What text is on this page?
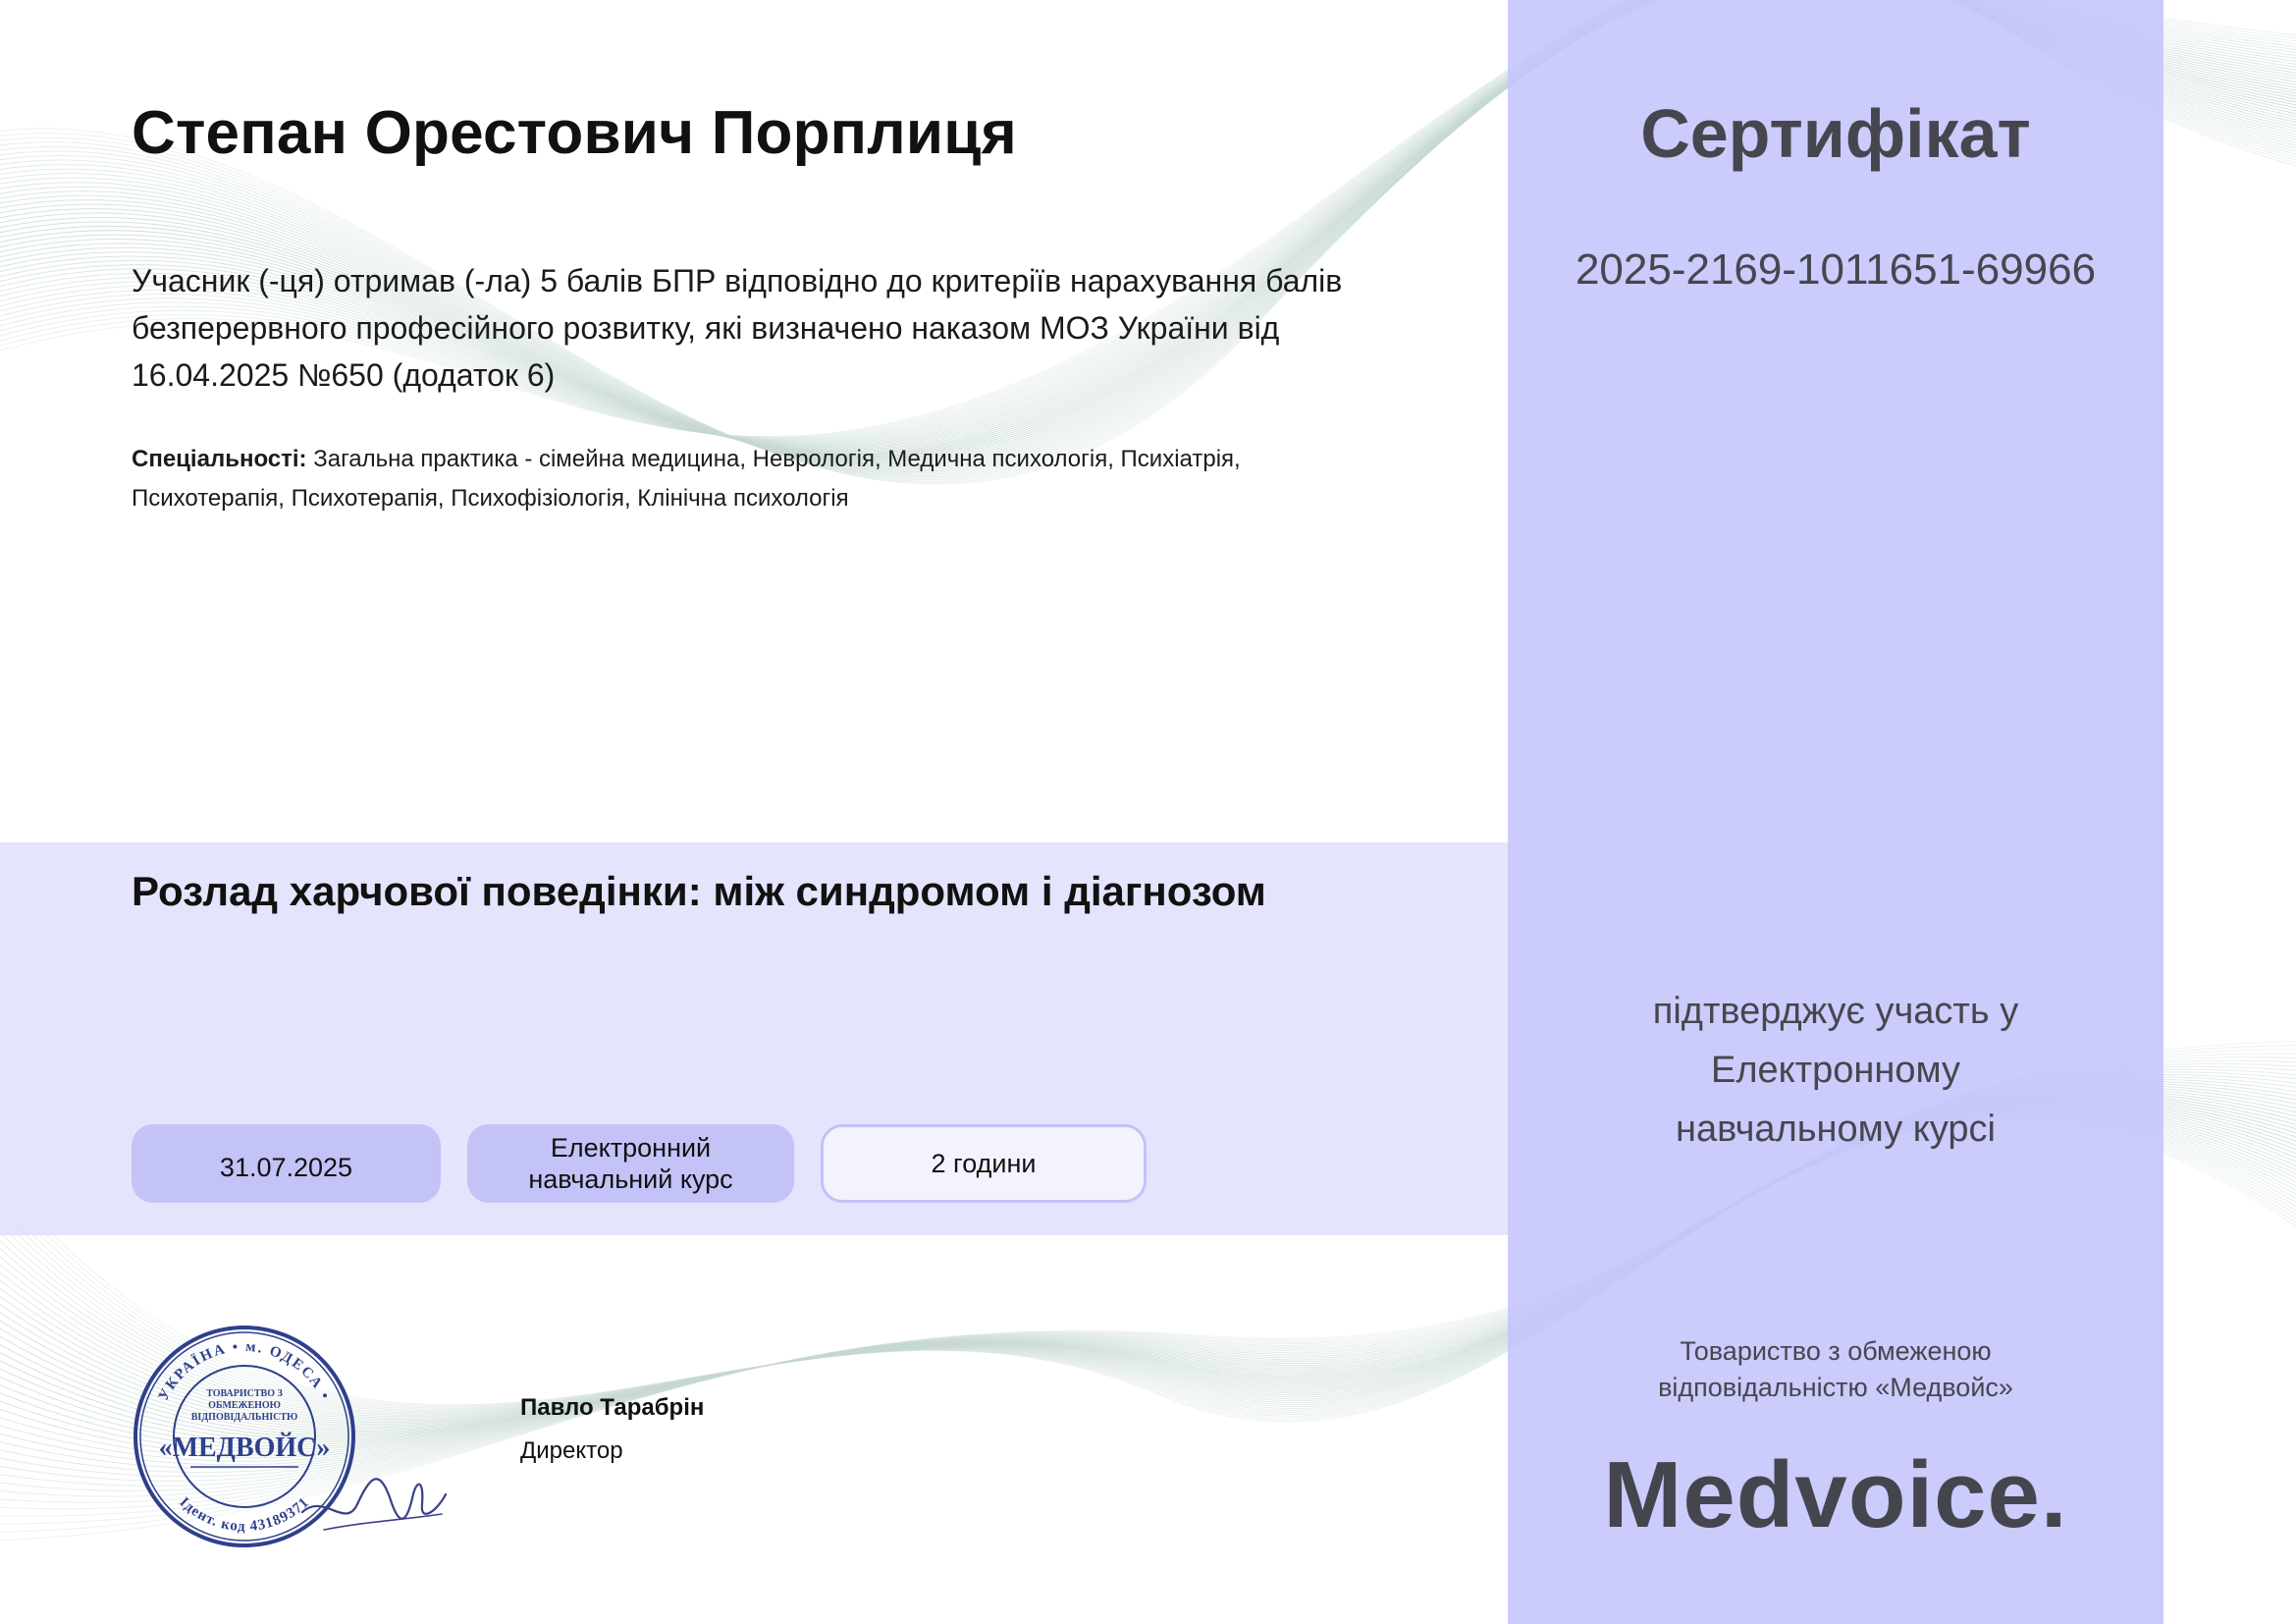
Степан Орестович Порплиця

Учасник (-ця) отримав (-ла) 5 балів БПР відповідно до критеріїв нарахування балів безперервного професійного розвитку, які визначено наказом МОЗ України від 16.04.2025 №650 (додаток 6)

Спеціальності: Загальна практика - сімейна медицина, Неврологія, Медична психологія, Психіатрія, Психотерапія, Психотерапія, Психофізіологія, Клінічна психологія

Розлад харчової поведінки: між синдромом і діагнозом
31.07.2025
Електронний навчальний курс
2 години
Сертифікат
2025-2169-1011651-69966
підтверджує участь у Електронному навчальному курсі
Товариство з обмеженою відповідальністю «Медвойс»
Medvoice.
УКРАЇНА • м. ОДЕСА •
Ідент. код 43189371
ТОВАРИСТВО З ОБМЕЖЕНОЮ ВІДПОВІДАЛЬНІСТЮ
«МЕДВОЙС»
Павло Тарабрін
Директор
